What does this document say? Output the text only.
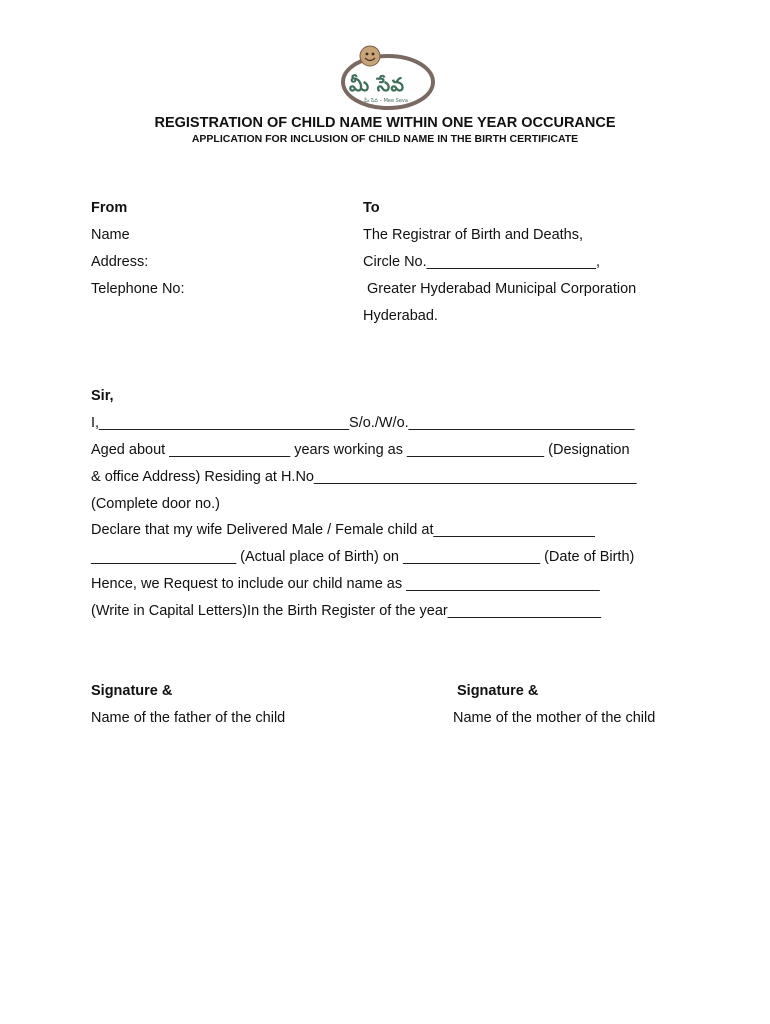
మీ సేవ
మీ సేవ – Mee Seva
REGISTRATION OF CHILD NAME WITHIN ONE YEAR OCCURANCE
APPLICATION FOR INCLUSION OF CHILD NAME IN THE BIRTH CERTIFICATE
From
Name
Address:
Telephone No:
To
The Registrar of Birth and Deaths,
Circle No._____________________,
Greater Hyderabad Municipal Corporation
Hyderabad.
Sir,
I,_______________________________S/o./W/o.____________________________
Aged about _______________ years working as _________________ (Designation
& office Address) Residing at H.No________________________________________
(Complete door no.)
Declare that my wife Delivered Male / Female child at____________________
__________________ (Actual place of Birth) on _________________ (Date of Birth)
Hence, we Request to include our child name as ________________________
(Write in Capital Letters)In the Birth Register of the year___________________
Signature &
Name of the father of the child
Signature &
Name of the mother of the child
